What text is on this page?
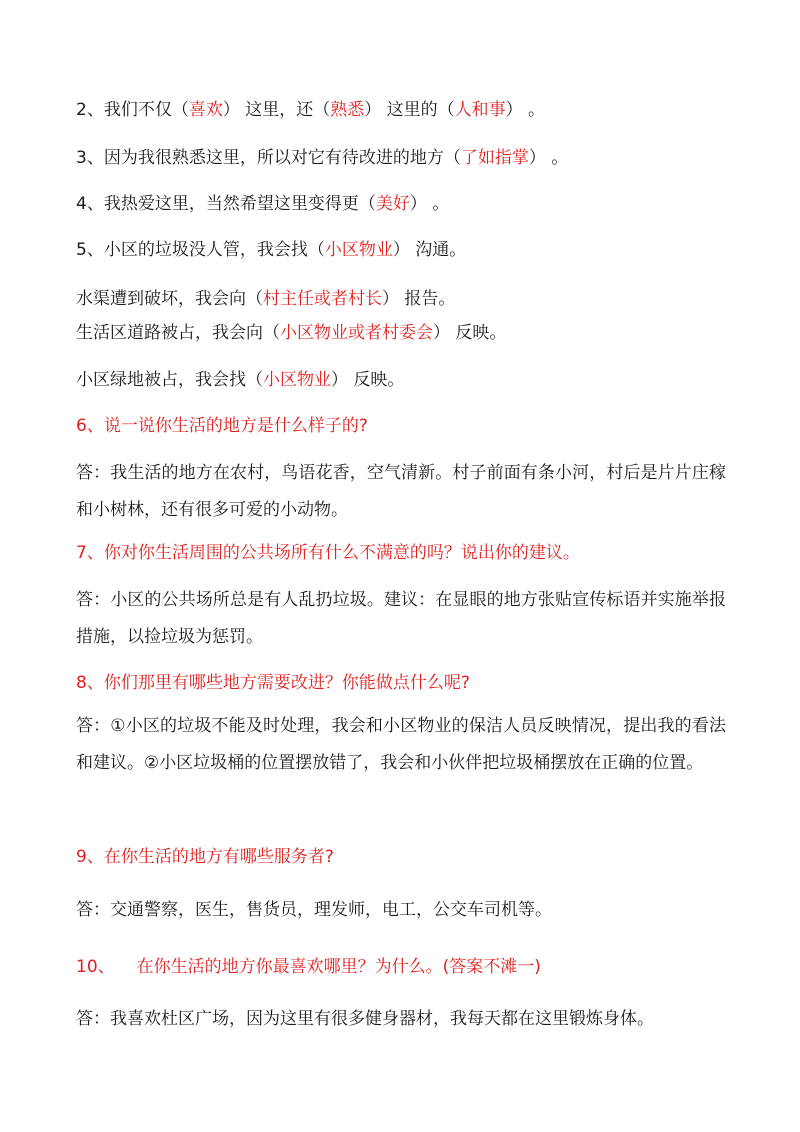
2、我们不仅（喜欢） 这里，还（熟悉） 这里的（人和事） 。
3、因为我很熟悉这里，所以对它有待改进的地方（了如指掌） 。
4、我热爱这里，当然希望这里变得更（美好） 。
5、小区的垃圾没人管，我会找（小区物业） 沟通。
水渠遭到破坏，我会向（村主任或者村长） 报告。
生活区道路被占，我会向（小区物业或者村委会） 反映。
小区绿地被占，我会找（小区物业） 反映。
6、说一说你生活的地方是什么样子的?
答：我生活的地方在农村，鸟语花香，空气清新。村子前面有条小河，村后是片片庄稼和小树林，还有很多可爱的小动物。
7、你对你生活周围的公共场所有什么不满意的吗？说出你的建议。
答：小区的公共场所总是有人乱扔垃圾。建议：在显眼的地方张贴宣传标语并实施举报措施，以捡垃圾为惩罚。
8、你们那里有哪些地方需要改进？你能做点什么呢?
答：①小区的垃圾不能及时处理，我会和小区物业的保洁人员反映情况，提出我的看法和建议。②小区垃圾桶的位置摆放错了，我会和小伙伴把垃圾桶摆放在正确的位置。
9、在你生活的地方有哪些服务者?
答：交通警察，医生，售货员，理发师，电工，公交车司机等。
10、 在你生活的地方你最喜欢哪里？为什么。(答案不滩一)
答：我喜欢杜区广场，因为这里有很多健身器材，我每天都在这里锻炼身体。
